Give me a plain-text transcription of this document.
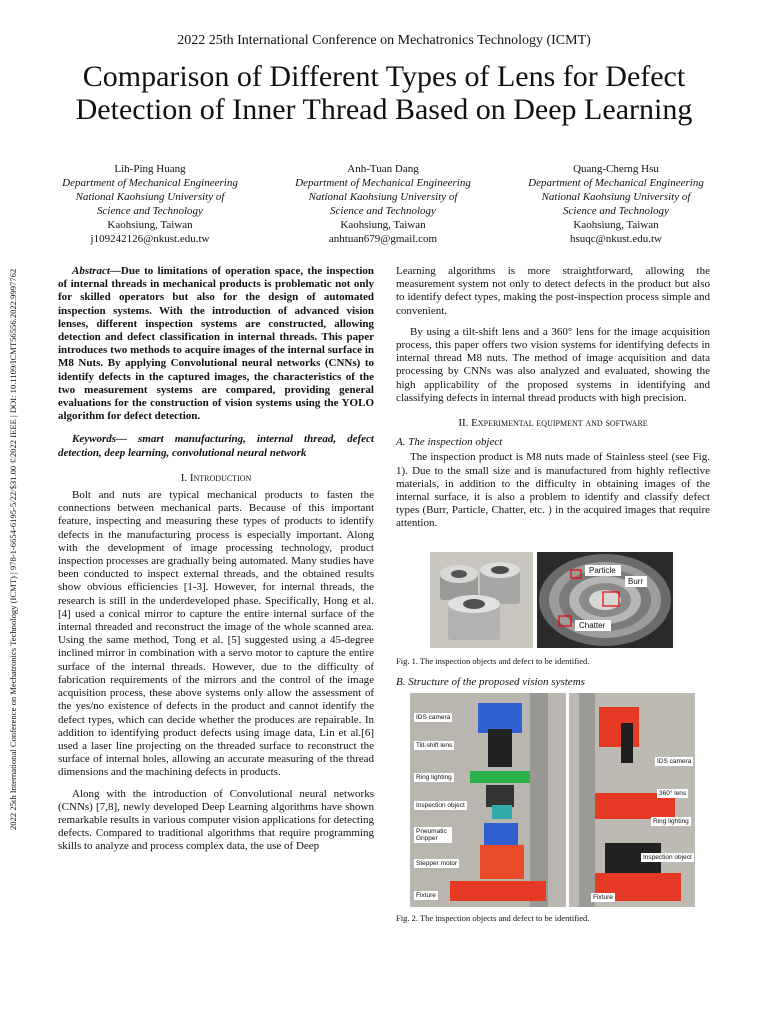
2022 25th International Conference on Mechatronics Technology (ICMT)
Comparison of Different Types of Lens for Defect Detection of Inner Thread Based on Deep Learning
2022 25th International Conference on Mechatronics Technology (ICMT) | 978-1-6654-6195-5/22/$31.00 ©2022 IEEE | DOI: 10.1109/ICMT56556.2022.9997762
Lih-Ping Huang
Department of Mechanical Engineering
National Kaohsiung University of Science and Technology
Kaohsiung, Taiwan
j109242126@nkust.edu.tw
Anh-Tuan Dang
Department of Mechanical Engineering
National Kaohsiung University of Science and Technology
Kaohsiung, Taiwan
anhtuan679@gmail.com
Quang-Cherng Hsu
Department of Mechanical Engineering
National Kaohsiung University of Science and Technology
Kaohsiung, Taiwan
hsuqc@nkust.edu.tw

Abstract—Due to limitations of operation space, the inspection of internal threads in mechanical products is problematic not only for skilled operators but also for the design of automated inspection systems. With the introduction of advanced vision lenses, different inspection systems are constructed, allowing detection and defect classification in internal threads. This paper introduces two methods to acquire images of the internal surface in M8 Nuts. By applying Convolutional neural networks (CNNs) to identify defects in the captured images, the characteristics of the two measurement systems are compared, providing general evaluations for the construction of vision systems using the YOLO algorithm for defect detection.

Keywords— smart manufacturing, internal thread, defect detection, deep learning, convolutional neural network

I. Introduction

Bolt and nuts are typical mechanical products to fasten the connections between mechanical parts. Because of this important feature, inspecting and measuring these types of products to identify defects in the manufacturing process is especially important. Along with the development of image processing technology, product inspection processes are gradually being automated. Many studies have been conducted to inspect external threads, and the obtained results show obvious efficiencies [1-3]. However, for internal threads, the research is still in the underdeveloped phase. Specifically, Hong et al. [4] used a conical mirror to capture the entire internal surface of the internal threaded and reconstruct the image of the whole scanned area. Using the same method, Tong et al. [5] suggested using a 45-degree inclined mirror in combination with a servo motor to capture the entire surface of the internal threads. However, due to the difficulty of fabrication requirements of the mirrors and the control of the image acquisition process, these above systems only allow the assessment of the yes/no existence of defects in the product and cannot identify the defect types, which can decide whether the produces are repairable. In addition to identifying product defects using image data, Lin et al.[6] used a laser line projecting on the threaded surface to reconstruct the surface of internal holes, allowing an accurate measuring of the thread dimensions and the machining defects in products.

Along with the introduction of Convolutional neural networks (CNNs) [7,8], newly developed Deep Learning algorithms have shown remarkable results in various computer vision applications for detecting defects. Compared to traditional algorithms that require programming skills to analyze and process complex data, the use of Deep

Learning algorithms is more straightforward, allowing the measurement system not only to detect defects in the product but also to identify defect types, making the post-inspection process simple and convenient.

By using a tilt-shift lens and a 360° lens for the image acquisition process, this paper offers two vision systems for identifying defects in internal thread M8 nuts. The method of image acquisition and data processing by CNNs was also analyzed and evaluated, showing the high applicability of the proposed systems in identifying and classifying defects in internal thread products with high precision.

II. Experimental equipment and software

A. The inspection object

The inspection product is M8 nuts made of Stainless steel (see Fig. 1). Due to the small size and is manufactured from highly reflective materials, in addition to the difficulty in obtaining images of the internal surface, it is also a problem to identify and classify defect types (Burr, Particle, Chatter, etc. ) in the acquired images that require attention.

Particle
Burr
Chatter
Fig. 1. The inspection objects and defect to be identified.

B. Structure of the proposed vision systems

IDS camera
Tilt-shift lens
Ring lighting
Inspection object
Pneumatic Gripper
Stepper motor
Fixture
IDS camera
360° lens
Ring lighting
Inspection object
Fixture
Fig. 2. The inspection objects and defect to be identified.
